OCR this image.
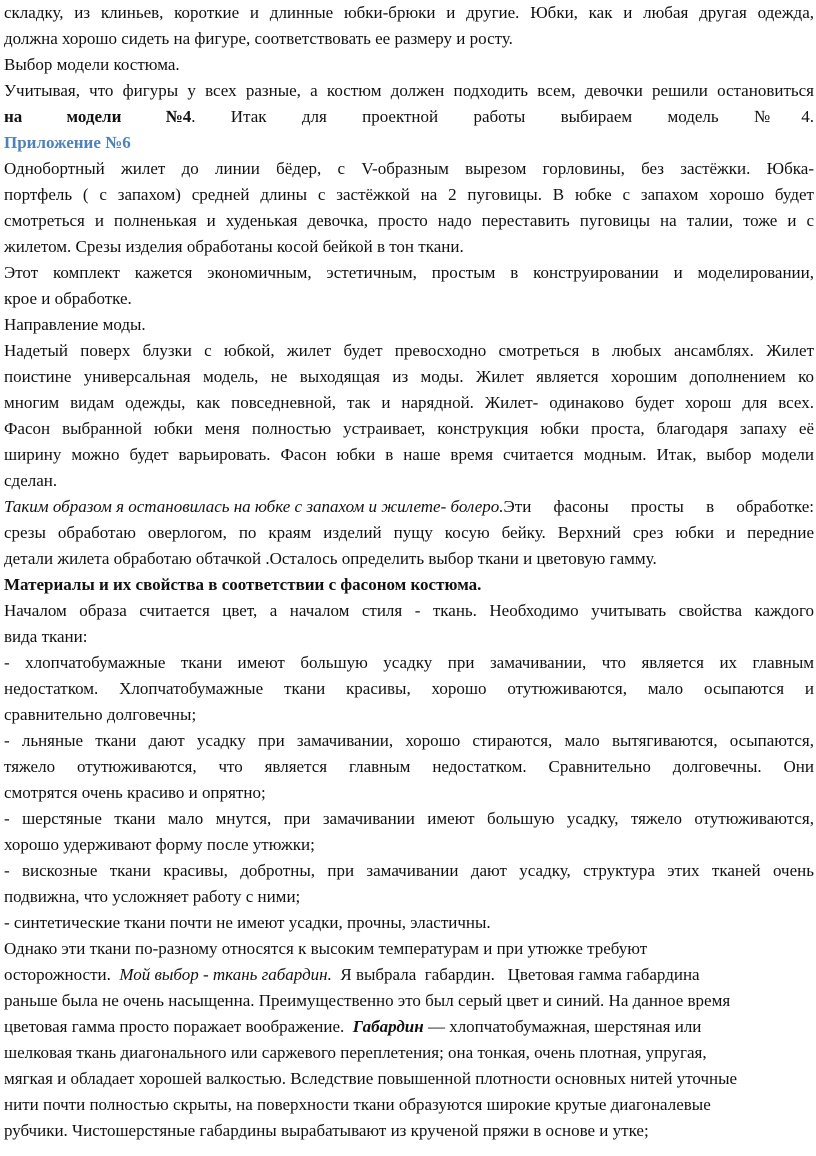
складку, из клиньев, короткие и длинные юбки-брюки и другие. Юбки, как и любая другая одежда,
должна хорошо сидеть на фигуре, соответствовать ее размеру и росту.
Выбор модели костюма.
Учитывая, что фигуры у всех разные, а костюм должен подходить всем, девочки решили остановиться
на модели №4 . Итак для проектной работы выбираем модель №4.
Приложение №6
Однобортный жилет до линии бёдер, с V-образным вырезом горловины, без застёжки. Юбка-
портфель ( с запахом) средней длины с застёжкой на 2 пуговицы. В юбке с запахом хорошо будет
смотреться и полненькая и худенькая девочка, просто надо переставить пуговицы на талии, тоже и с
жилетом. Срезы изделия обработаны косой бейкой в тон ткани.
Этот комплект кажется экономичным, эстетичным, простым в конструировании и моделировании,
крое и обработке.
Направление моды.
Надетый поверх блузки с юбкой, жилет будет превосходно смотреться в любых ансамблях. Жилет
поистине универсальная модель, не выходящая из моды. Жилет является хорошим дополнением ко
многим видам одежды, как повседневной, так и нарядной. Жилет- одинаково будет хорош для всех.
Фасон выбранной юбки меня полностью устраивает, конструкция юбки проста, благодаря запаху её
ширину можно будет варьировать. Фасон юбки в наше время считается модным. Итак, выбор модели
сделан.
Таким образом я остановилась на юбке с запахом и жилете- болеро. Эти фасоны просты в обработке:
срезы обработаю оверлогом, по краям изделий пущу косую бейку. Верхний срез юбки и передние
детали жилета обработаю обтачкой .Осталось определить выбор ткани и цветовую гамму.
Материалы и их свойства в соответствии с фасоном костюма.
Началом образа считается цвет, а началом стиля - ткань. Необходимо учитывать свойства каждого
вида ткани:
- хлопчатобумажные ткани имеют большую усадку при замачивании, что является их главным
недостатком. Хлопчатобумажные ткани красивы, хорошо отутюживаются, мало осыпаются и
сравнительно долговечны;
- льняные ткани дают усадку при замачивании, хорошо стираются, мало вытягиваются, осыпаются,
тяжело отутюживаются, что является главным недостатком. Сравнительно долговечны. Они
смотрятся очень красиво и опрятно;
- шерстяные ткани мало мнутся, при замачивании имеют большую усадку, тяжело отутюживаются,
хорошо удерживают форму после утюжки;
- вискозные ткани красивы, добротны, при замачивании дают усадку, структура этих тканей очень
подвижна, что усложняет работу с ними;
- синтетические ткани почти не имеют усадки, прочны, эластичны.
Однако эти ткани по-разному относятся к высоким температурам и при утюжке требуют
осторожности.  Мой выбор - ткань габардин.  Я выбрала  габардин.   Цветовая гамма габардина
раньше была не очень насыщенна. Преимущественно это был серый цвет и синий. На данное время
цветовая гамма просто поражает воображение.  Габардин — хлопчатобумажная, шерстяная или
шелковая ткань диагонального или саржевого переплетения; она тонкая, очень плотная, упругая,
мягкая и обладает хорошей валкостью. Вследствие повышенной плотности основных нитей уточные
нити почти полностью скрыты, на поверхности ткани образуются широкие крутые диагоналевые
рубчики. Чистошерстяные габардины вырабатывают из крученой пряжи в основе и утке;
